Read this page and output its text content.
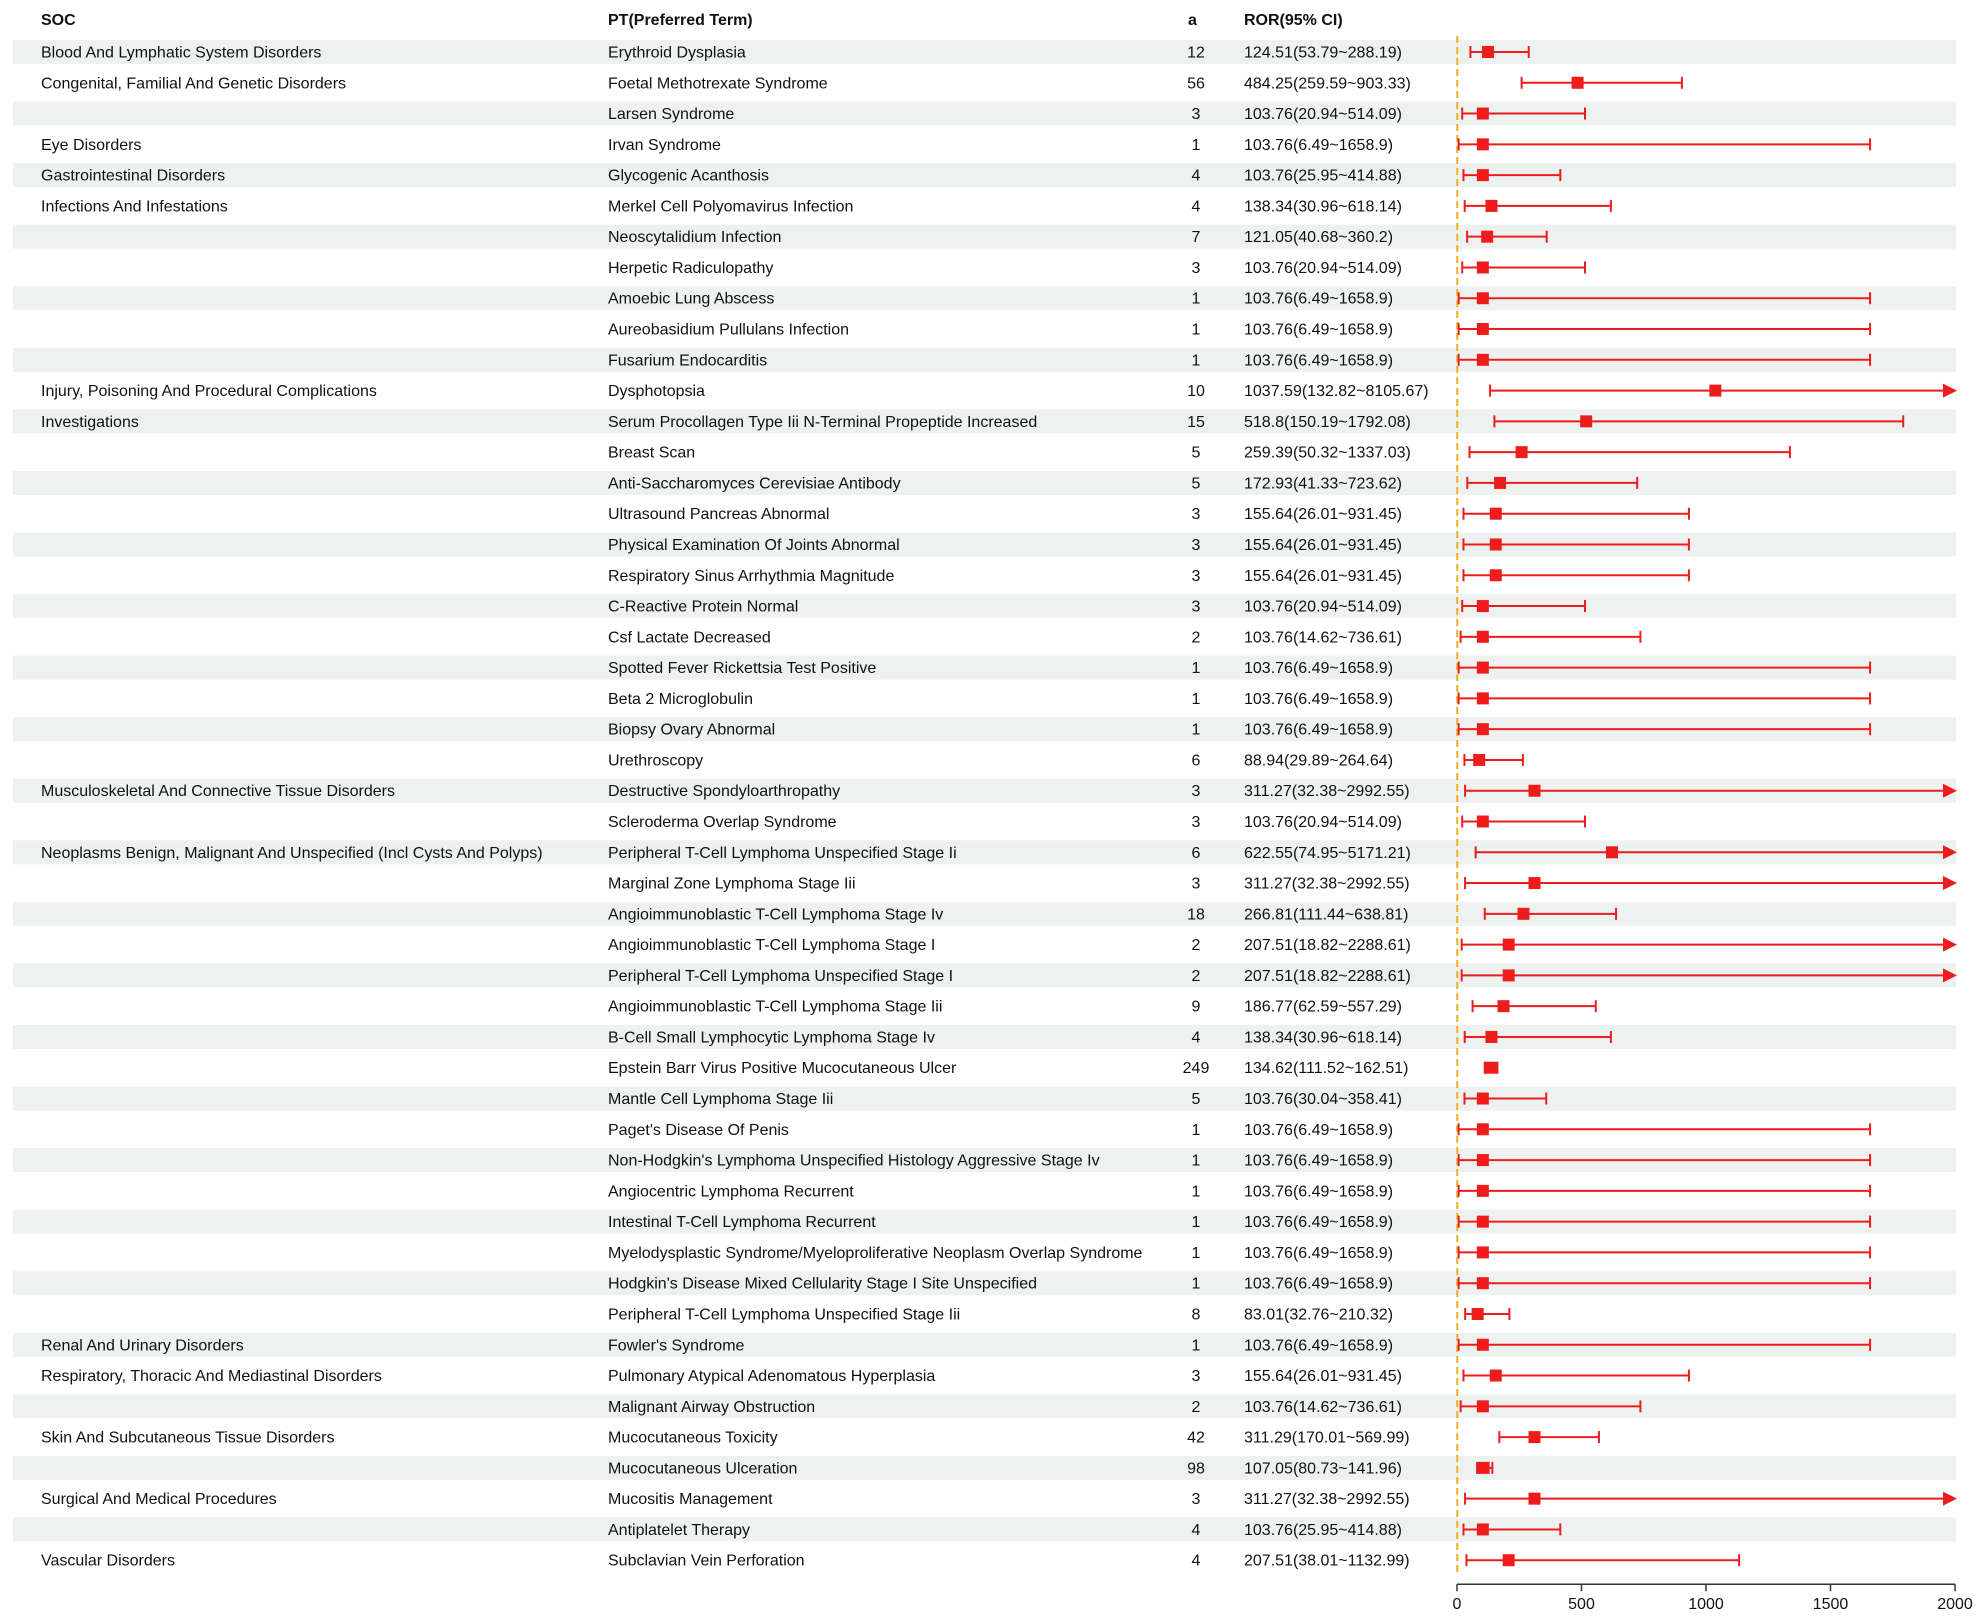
SOC	PT(Preferred Term)	a	ROR(95% CI)
Blood And Lymphatic System Disorders	Erythroid Dysplasia	12 124.51(53.79~288.19)
Congenital, Familial And Genetic Disorders	Foetal Methotrexate Syndrome	56 484.25(259.59~903.33)
Larsen Syndrome	3	103.76(20.94~514.09)
Eye Disorders	Irvan Syndrome	1	103.76(6.49~1658.9)
Gastrointestinal Disorders	Glycogenic Acanthosis	4	103.76(25.95~414.88)
Infections And Infestations	Merkel Cell Polyomavirus Infection	4	138.34(30.96~618.14)
Neoscytalidium Infection	7	121.05(40.68~360.2)
Herpetic Radiculopathy	3	103.76(20.94~514.09)
Amoebic Lung Abscess	1	103.76(6.49~1658.9)
Aureobasidium Pullulans Infection	1	103.76(6.49~1658.9)
Fusarium Endocarditis	1	103.76(6.49~1658.9)
Injury, Poisoning And Procedural Complications	Dysphotopsia	10 1037.59(132.82~8105.67)
Investigations	Serum Procollagen Type Iii N-Terminal Propeptide Increased	15 518.8(150.19~1792.08)
Breast Scan	5	259.39(50.32~1337.03)
Anti-Saccharomyces Cerevisiae Antibody	5	172.93(41.33~723.62)
Ultrasound Pancreas Abnormal	3	155.64(26.01~931.45)
Physical Examination Of Joints Abnormal	3	155.64(26.01~931.45)
Respiratory Sinus Arrhythmia Magnitude	3	155.64(26.01~931.45)
C-Reactive Protein Normal	3	103.76(20.94~514.09)
Csf Lactate Decreased	2	103.76(14.62~736.61)
Spotted Fever Rickettsia Test Positive	1	103.76(6.49~1658.9)
Beta 2 Microglobulin	1	103.76(6.49~1658.9)
Biopsy Ovary Abnormal	1	103.76(6.49~1658.9)
Urethroscopy	6	88.94(29.89~264.64)
Musculoskeletal And Connective Tissue Disorders	Destructive Spondyloarthropathy	3	311.27(32.38~2992.55)
Scleroderma Overlap Syndrome	3	103.76(20.94~514.09)
Neoplasms Benign, Malignant And Unspecified (Incl Cysts And Polyps)	Peripheral T-Cell Lymphoma Unspecified Stage Ii	6	622.55(74.95~5171.21)
Marginal Zone Lymphoma Stage Iii	3	311.27(32.38~2992.55)
Angioimmunoblastic T-Cell Lymphoma Stage Iv	18 266.81(111.44~638.81)
Angioimmunoblastic T-Cell Lymphoma Stage I	2	207.51(18.82~2288.61)
Peripheral T-Cell Lymphoma Unspecified Stage I	2	207.51(18.82~2288.61)
Angioimmunoblastic T-Cell Lymphoma Stage Iii	9	186.77(62.59~557.29)
B-Cell Small Lymphocytic Lymphoma Stage Iv	4	138.34(30.96~618.14)
Epstein Barr Virus Positive Mucocutaneous Ulcer	249 134.62(111.52~162.51)
Mantle Cell Lymphoma Stage Iii	5	103.76(30.04~358.41)
Paget's Disease Of Penis	1	103.76(6.49~1658.9)
Non-Hodgkin's Lymphoma Unspecified Histology Aggressive Stage Iv	1	103.76(6.49~1658.9)
Angiocentric Lymphoma Recurrent	1	103.76(6.49~1658.9)
Intestinal T-Cell Lymphoma Recurrent	1	103.76(6.49~1658.9)
Myelodysplastic Syndrome/Myeloproliferative Neoplasm Overlap Syndrome	1	103.76(6.49~1658.9)
Hodgkin's Disease Mixed Cellularity Stage I Site Unspecified	1	103.76(6.49~1658.9)
Peripheral T-Cell Lymphoma Unspecified Stage Iii	8	83.01(32.76~210.32)
Renal And Urinary Disorders	Fowler's Syndrome	1	103.76(6.49~1658.9)
Respiratory, Thoracic And Mediastinal Disorders	Pulmonary Atypical Adenomatous Hyperplasia	3	155.64(26.01~931.45)
Malignant Airway Obstruction	2	103.76(14.62~736.61)
Skin And Subcutaneous Tissue Disorders	Mucocutaneous Toxicity	42 311.29(170.01~569.99)
Mucocutaneous Ulceration	98 107.05(80.73~141.96)
Surgical And Medical Procedures	Mucositis Management	3	311.27(32.38~2992.55)
Antiplatelet Therapy	4	103.76(25.95~414.88)
Vascular Disorders	Subclavian Vein Perforation	4	207.51(38.01~1132.99)
0	500	1000	1500	2000
